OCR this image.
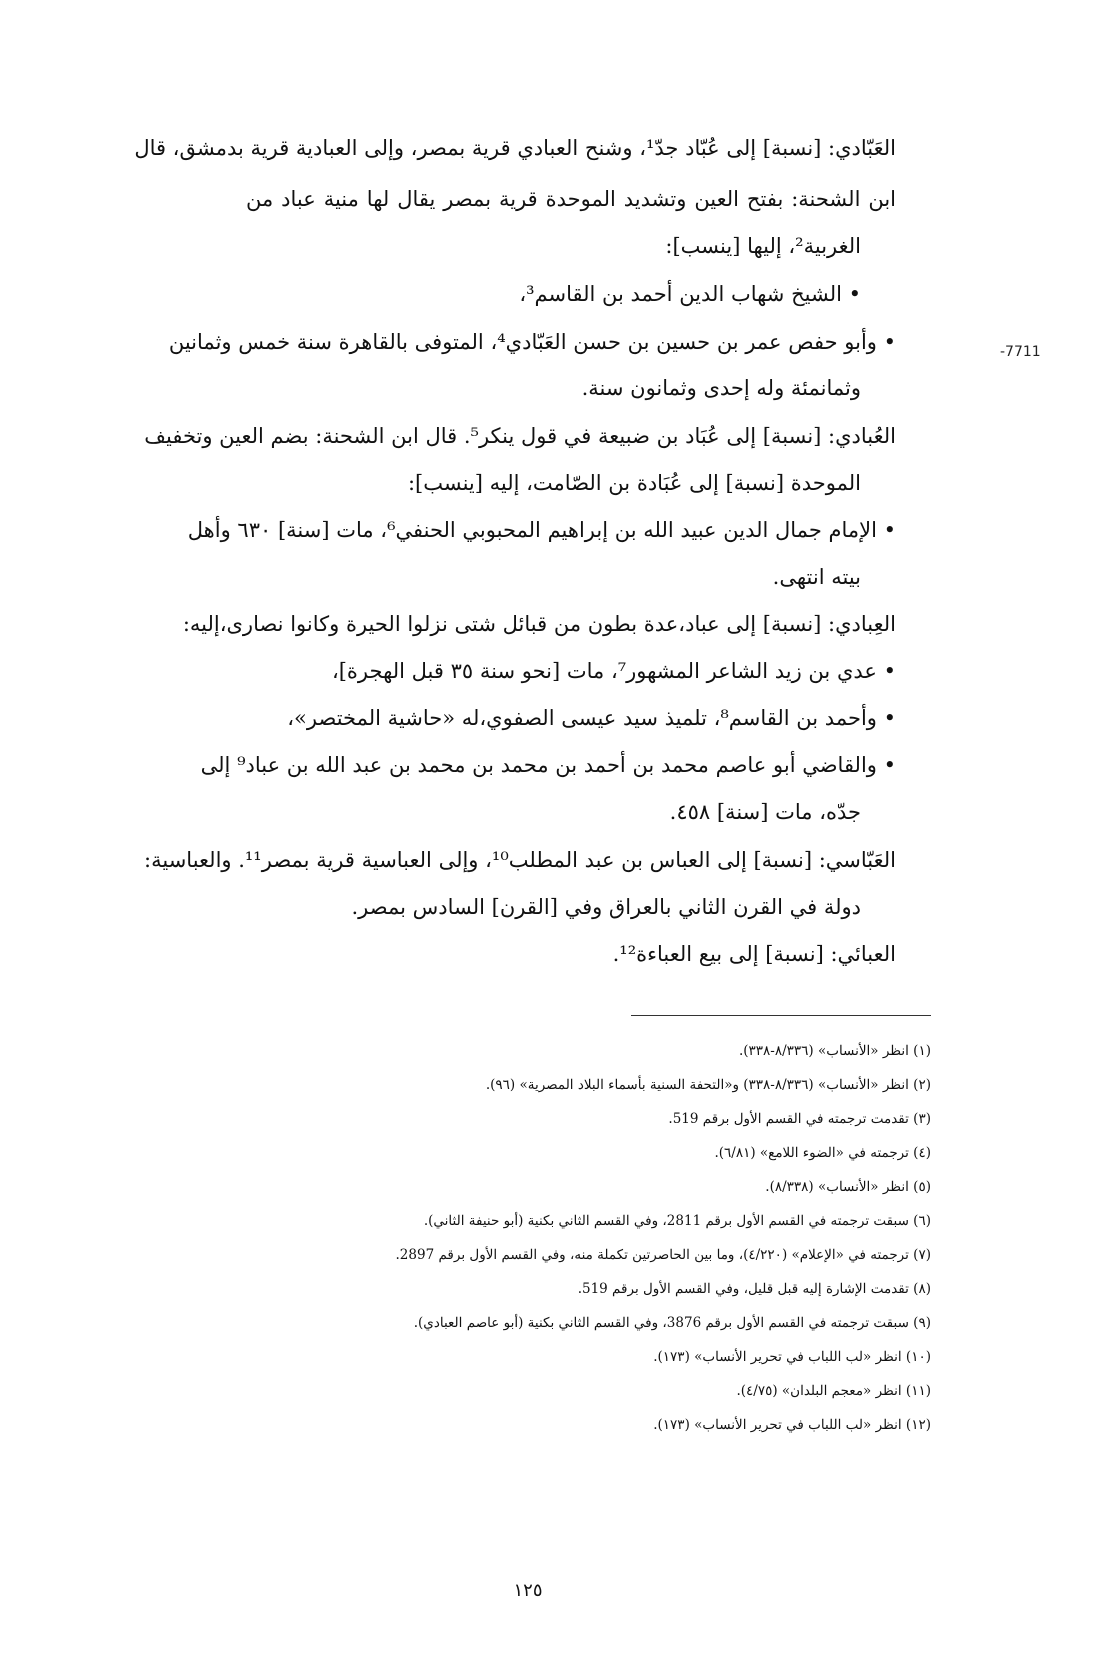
-7711
العَبّادي: [نسبة] إلى عُبّاد جدّ¹، وشنح العبادي قرية بمصر، وإلى العبادية قرية بدمشق، قال
ابن الشحنة: بفتح العين وتشديد الموحدة قرية بمصر يقال لها منية عباد من
الغربية²، إليها [ينسب]:
• الشيخ شهاب الدين أحمد بن القاسم³،
• وأبو حفص عمر بن حسين بن حسن العَبّادي⁴، المتوفى بالقاهرة سنة خمس وثمانين
وثمانمئة وله إحدى وثمانون سنة.
العُبادي: [نسبة] إلى عُبَاد بن ضبيعة في قول ينكر⁵. قال ابن الشحنة: بضم العين وتخفيف
الموحدة [نسبة] إلى عُبَادة بن الصّامت، إليه [ينسب]:
• الإمام جمال الدين عبيد الله بن إبراهيم المحبوبي الحنفي⁶، مات [سنة] ٦٣٠ وأهل
بيته انتهى.
العِبادي: [نسبة] إلى عباد،عدة بطون من قبائل شتى نزلوا الحيرة وكانوا نصارى،إليه:
• عدي بن زيد الشاعر المشهور⁷، مات [نحو سنة ٣٥ قبل الهجرة]،
• وأحمد بن القاسم⁸، تلميذ سيد عيسى الصفوي،له «حاشية المختصر»،
• والقاضي أبو عاصم محمد بن أحمد بن محمد بن محمد بن عبد الله بن عباد⁹ إلى
جدّه، مات [سنة] ٤٥٨.
العَبّاسي: [نسبة] إلى العباس بن عبد المطلب¹⁰، وإلى العباسية قرية بمصر¹¹. والعباسية:
دولة في القرن الثاني بالعراق وفي [القرن] السادس بمصر.
العبائي: [نسبة] إلى بيع العباءة¹².
(١) انظر «الأنساب» (٨/٣٣٦-٣٣٨).
(٢) انظر «الأنساب» (٨/٣٣٦-٣٣٨) و«التحفة السنية بأسماء البلاد المصرية» (٩٦).
(٣) تقدمت ترجمته في القسم الأول برقم 519.
(٤) ترجمته في «الضوء اللامع» (٦/٨١).
(٥) انظر «الأنساب» (٨/٣٣٨).
(٦) سبقت ترجمته في القسم الأول برقم 2811، وفي القسم الثاني بكنية (أبو حنيفة الثاني).
(٧) ترجمته في «الإعلام» (٤/٢٢٠)، وما بين الحاصرتين تكملة منه، وفي القسم الأول برقم 2897.
(٨) تقدمت الإشارة إليه قبل قليل، وفي القسم الأول برقم 519.
(٩) سبقت ترجمته في القسم الأول برقم 3876، وفي القسم الثاني بكنية (أبو عاصم العبادي).
(١٠) انظر «لب اللباب في تحرير الأنساب» (١٧٣).
(١١) انظر «معجم البلدان» (٤/٧٥).
(١٢) انظر «لب اللباب في تحرير الأنساب» (١٧٣).
١٢٥
